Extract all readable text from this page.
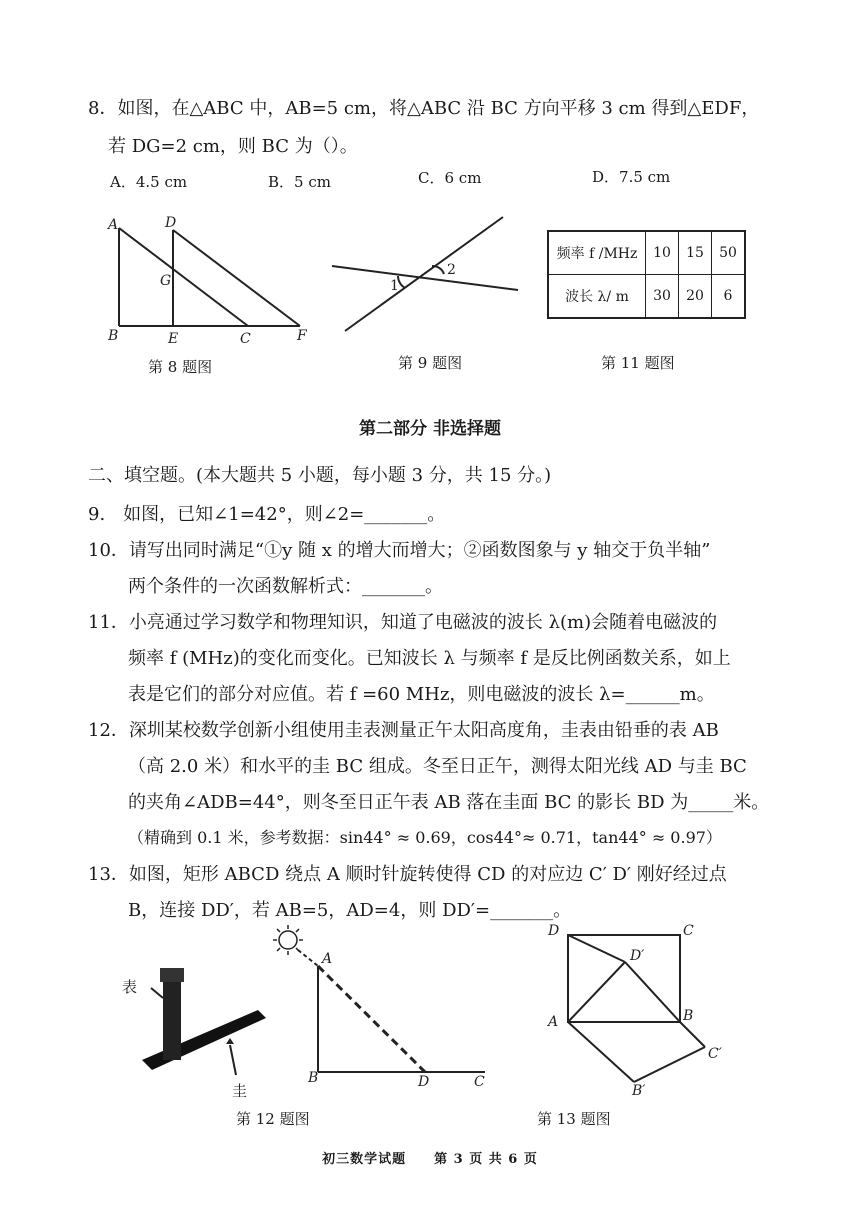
8．如图，在△ABC 中，AB=5 cm，将△ABC 沿 BC 方向平移 3 cm 得到△EDF，
若 DG=2 cm，则 BC 为（）。
A．4.5 cm	B．5 cm	C．6 cm	D．7.5 cm
A	D
G
B	E	C	F
第 8 题图
1
2
第 9 题图
频率 f /MHz	10	15	50
波长 λ/ m	30	20	6
第 11 题图
第二部分 非选择题
二、填空题。(本大题共 5 小题，每小题 3 分，共 15 分。)
9.　如图，已知∠1=42°，则∠2=_______。
10．请写出同时满足“①y 随 x 的增大而增大；②函数图象与 y 轴交于负半轴”
两个条件的一次函数解析式：_______。
11．小亮通过学习数学和物理知识，知道了电磁波的波长 λ(m)会随着电磁波的
频率 f (MHz)的变化而变化。已知波长 λ 与频率 f 是反比例函数关系，如上
表是它们的部分对应值。若 f =60 MHz，则电磁波的波长 λ=______m。
12．深圳某校数学创新小组使用圭表测量正午太阳高度角，圭表由铅垂的表 AB
（高 2.0 米）和水平的圭 BC 组成。冬至日正午，测得太阳光线 AD 与圭 BC
的夹角∠ADB=44°，则冬至日正午表 AB 落在圭面 BC 的影长 BD 为_____米。
（精确到 0.1 米，参考数据：sin44° ≈ 0.69，cos44°≈ 0.71，tan44° ≈ 0.97）
13．如图，矩形 ABCD 绕点 A 顺时针旋转使得 CD 的对应边 C′ D′ 刚好经过点
B，连接 DD′，若 AB=5，AD=4，则 DD′=_______。
表
圭
A
B	D	C
第 12 题图
D	C
D′
A	B
C′
B′
第 13 题图
初三数学试题　　第 3 页 共 6 页
